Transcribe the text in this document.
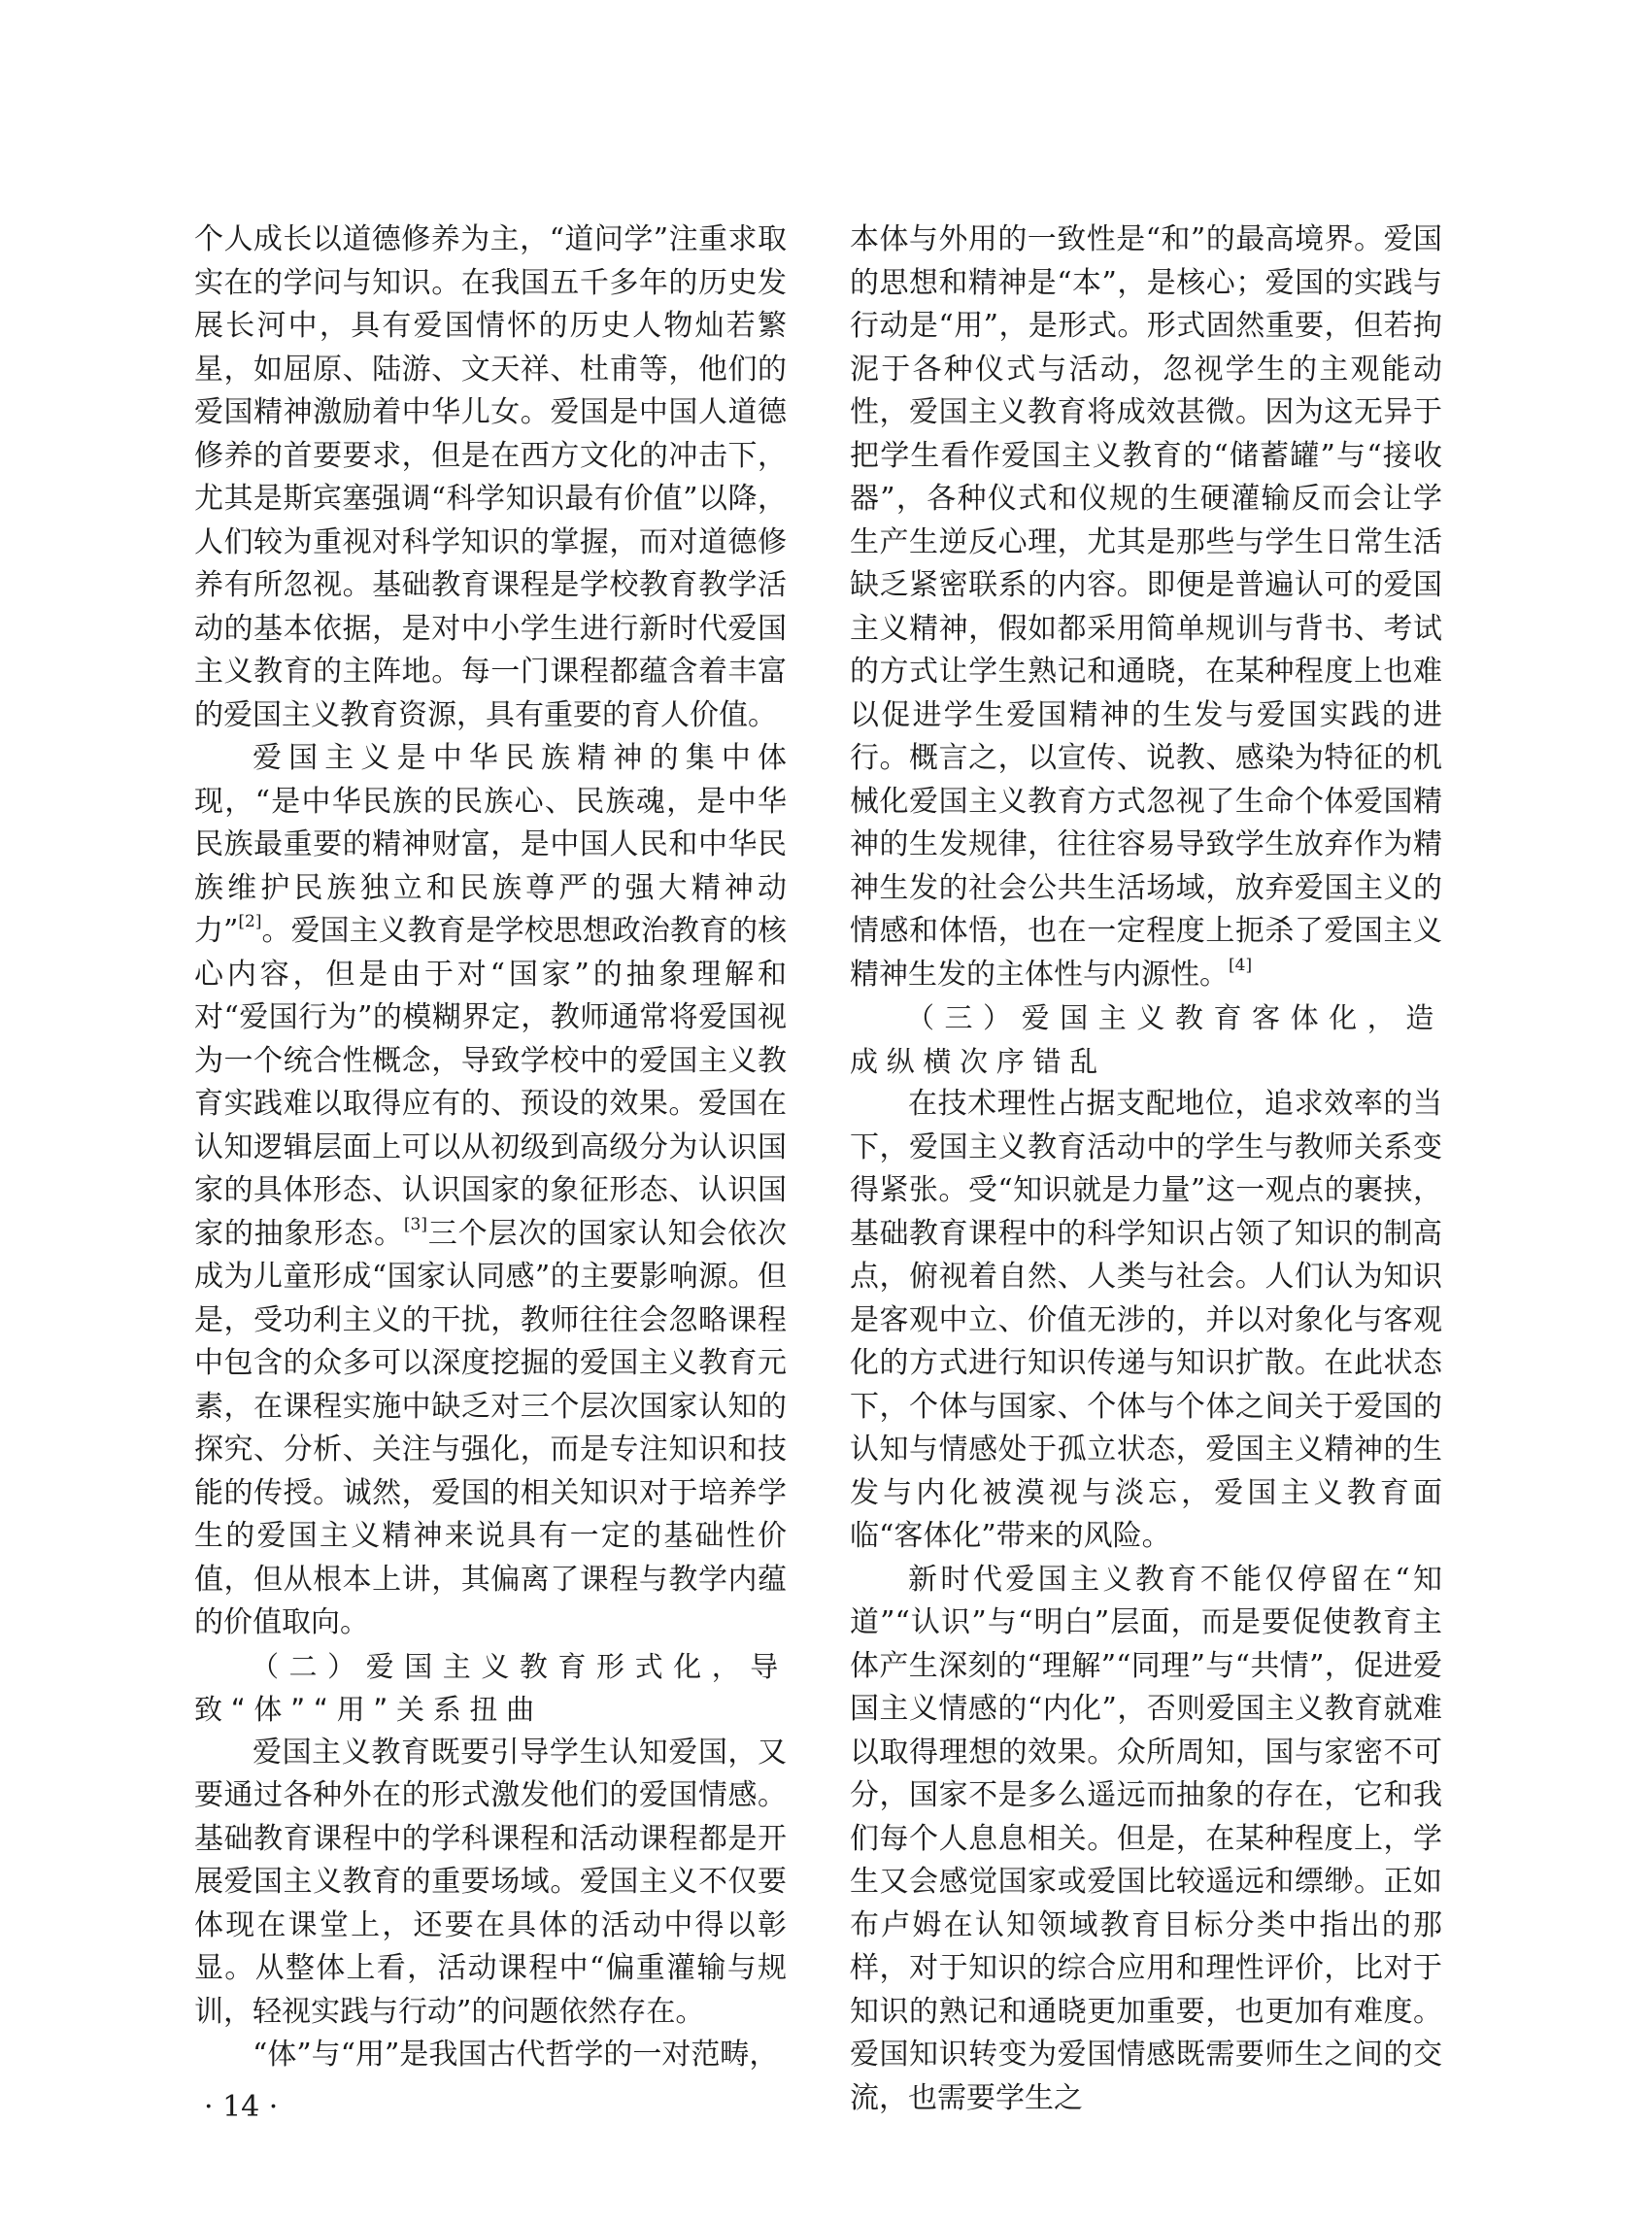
个人成长以道德修养为主，“道问学”注重求取实在的学问与知识。在我国五千多年的历史发展长河中，具有爱国情怀的历史人物灿若繁星，如屈原、陆游、文天祥、杜甫等，他们的爱国精神激励着中华儿女。爱国是中国人道德修养的首要要求，但是在西方文化的冲击下，尤其是斯宾塞强调“科学知识最有价值”以降，人们较为重视对科学知识的掌握，而对道德修养有所忽视。基础教育课程是学校教育教学活动的基本依据，是对中小学生进行新时代爱国主义教育的主阵地。每一门课程都蕴含着丰富的爱国主义教育资源，具有重要的育人价值。

爱国主义是中华民族精神的集中体现，“是中华民族的民族心、民族魂，是中华民族最重要的精神财富，是中国人民和中华民族维护民族独立和民族尊严的强大精神动力”[2]。爱国主义教育是学校思想政治教育的核心内容，但是由于对“国家”的抽象理解和对“爱国行为”的模糊界定，教师通常将爱国视为一个统合性概念，导致学校中的爱国主义教育实践难以取得应有的、预设的效果。爱国在认知逻辑层面上可以从初级到高级分为认识国家的具体形态、认识国家的象征形态、认识国家的抽象形态。[3]三个层次的国家认知会依次成为儿童形成“国家认同感”的主要影响源。但是，受功利主义的干扰，教师往往会忽略课程中包含的众多可以深度挖掘的爱国主义教育元素，在课程实施中缺乏对三个层次国家认知的探究、分析、关注与强化，而是专注知识和技能的传授。诚然，爱国的相关知识对于培养学生的爱国主义精神来说具有一定的基础性价值，但从根本上讲，其偏离了课程与教学内蕴的价值取向。

（二）爱国主义教育形式化，导致“体”“用”关系扭曲

爱国主义教育既要引导学生认知爱国，又要通过各种外在的形式激发他们的爱国情感。基础教育课程中的学科课程和活动课程都是开展爱国主义教育的重要场域。爱国主义不仅要体现在课堂上，还要在具体的活动中得以彰显。从整体上看，活动课程中“偏重灌输与规训，轻视实践与行动”的问题依然存在。

“体”与“用”是我国古代哲学的一对范畴，

本体与外用的一致性是“和”的最高境界。爱国的思想和精神是“本”，是核心；爱国的实践与行动是“用”，是形式。形式固然重要，但若拘泥于各种仪式与活动，忽视学生的主观能动性，爱国主义教育将成效甚微。因为这无异于把学生看作爱国主义教育的“储蓄罐”与“接收器”，各种仪式和仪规的生硬灌输反而会让学生产生逆反心理，尤其是那些与学生日常生活缺乏紧密联系的内容。即便是普遍认可的爱国主义精神，假如都采用简单规训与背书、考试的方式让学生熟记和通晓，在某种程度上也难以促进学生爱国精神的生发与爱国实践的进行。概言之，以宣传、说教、感染为特征的机械化爱国主义教育方式忽视了生命个体爱国精神的生发规律，往往容易导致学生放弃作为精神生发的社会公共生活场域，放弃爱国主义的情感和体悟，也在一定程度上扼杀了爱国主义精神生发的主体性与内源性。[4]

（三）爱国主义教育客体化，造成纵横次序错乱

在技术理性占据支配地位，追求效率的当下，爱国主义教育活动中的学生与教师关系变得紧张。受“知识就是力量”这一观点的裹挟，基础教育课程中的科学知识占领了知识的制高点，俯视着自然、人类与社会。人们认为知识是客观中立、价值无涉的，并以对象化与客观化的方式进行知识传递与知识扩散。在此状态下，个体与国家、个体与个体之间关于爱国的认知与情感处于孤立状态，爱国主义精神的生发与内化被漠视与淡忘，爱国主义教育面临“客体化”带来的风险。

新时代爱国主义教育不能仅停留在“知道”“认识”与“明白”层面，而是要促使教育主体产生深刻的“理解”“同理”与“共情”，促进爱国主义情感的“内化”，否则爱国主义教育就难以取得理想的效果。众所周知，国与家密不可分，国家不是多么遥远而抽象的存在，它和我们每个人息息相关。但是，在某种程度上，学生又会感觉国家或爱国比较遥远和缥缈。正如布卢姆在认知领域教育目标分类中指出的那样，对于知识的综合应用和理性评价，比对于知识的熟记和通晓更加重要，也更加有难度。爱国知识转变为爱国情感既需要师生之间的交流，也需要学生之

· 14 ·
